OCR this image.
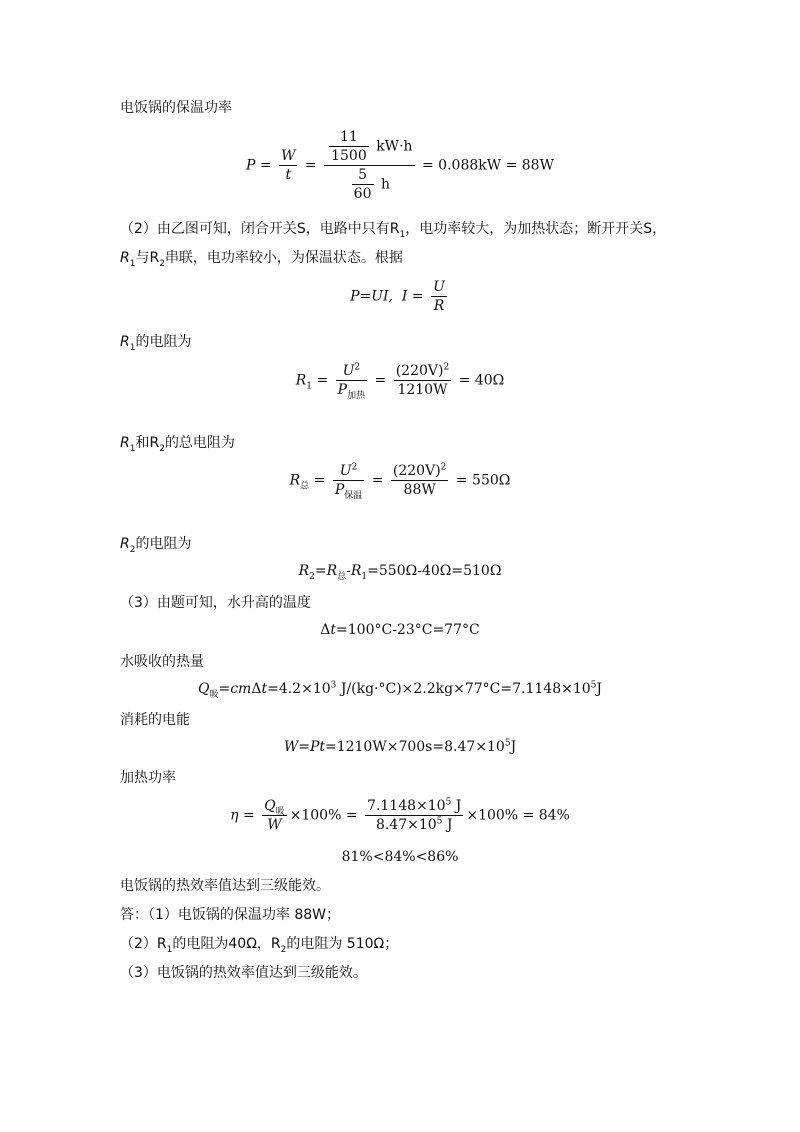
电饭锅的保温功率
$P = \frac{W}{t} = \frac{\frac{11}{1500} kW\cdot h}{\frac{5}{60} h} = 0.088kW = 88W$
（2）由乙图可知，闭合开关S，电路中只有$R_1$，电功率较大，为加热状态；断开开关S，
$R_1$与$R_2$串联，电功率较小，为保温状态。根据
P=UI, $I = \frac{U}{R}$
$R_1$的电阻为
$R_1 = \frac{U^2}{P_{加热}} = \frac{(220V)^2}{1210W} = 40\Omega$
$R_1$和$R_2$的总电阻为
$R_总 = \frac{U^2}{P_{保温}} = \frac{(220V)^2}{88W} = 550\Omega$
$R_2$的电阻为
$R_2=R_总-R_1=550\Omega-40\Omega=510\Omega$
（3）由题可知，水升高的温度
Δt=100°C-23°C=77°C
水吸收的热量
$Q_吸=cm\Delta t=4.2\times 10^3$ $J/(kg\cdot^\circ C)\times 2.2kg\times 77^\circ C=7.1148\times 10^5J$
消耗的电能
$W=Pt=1210W\times 700s=8.47\times 10^5J$
加热功率
$\eta = \frac{Q_吸}{W} \times 100\% = \frac{7.1148\times 10^5 J}{8.47\times 10^5 J} \times 100\% = 84\%$
81%<84%<86%
电饭锅的热效率值达到三级能效。
答：（1）电饭锅的保温功率 88W；
$(2)R_1$的电阻为40Ω，$R_2$的电阻为 510Ω；
（3）电饭锅的热效率值达到三级能效。
